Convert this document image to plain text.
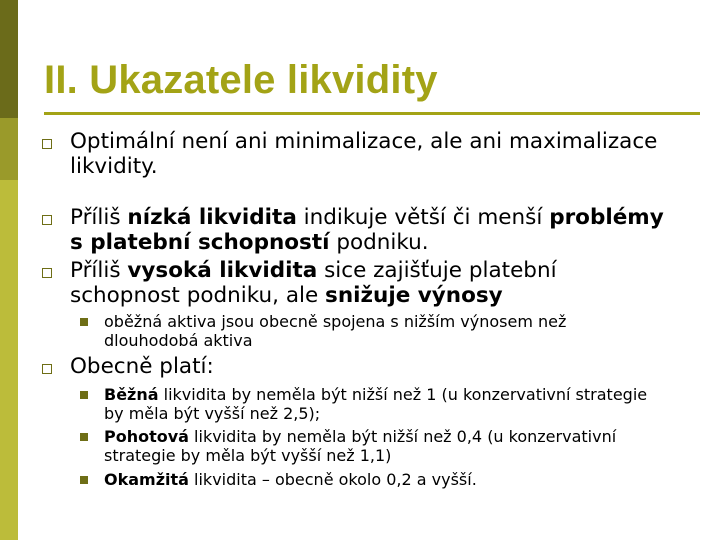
II. Ukazatele likvidity
Optimální není ani minimalizace, ale ani maximalizace likvidity.
Příliš nízká likvidita indikuje větší či menší problémy s platební schopností podniku.
Příliš vysoká likvidita sice zajišťuje platební schopnost podniku, ale snižuje výnosy
oběžná aktiva jsou obecně spojena s nižším výnosem než dlouhodobá aktiva
Obecně platí:
Běžná likvidita by neměla být nižší než 1 (u konzervativní strategie by měla být vyšší než 2,5);
Pohotová likvidita by neměla být nižší než 0,4 (u konzervativní strategie by měla být vyšší než 1,1)
Okamžitá likvidita – obecně okolo 0,2 a vyšší.
